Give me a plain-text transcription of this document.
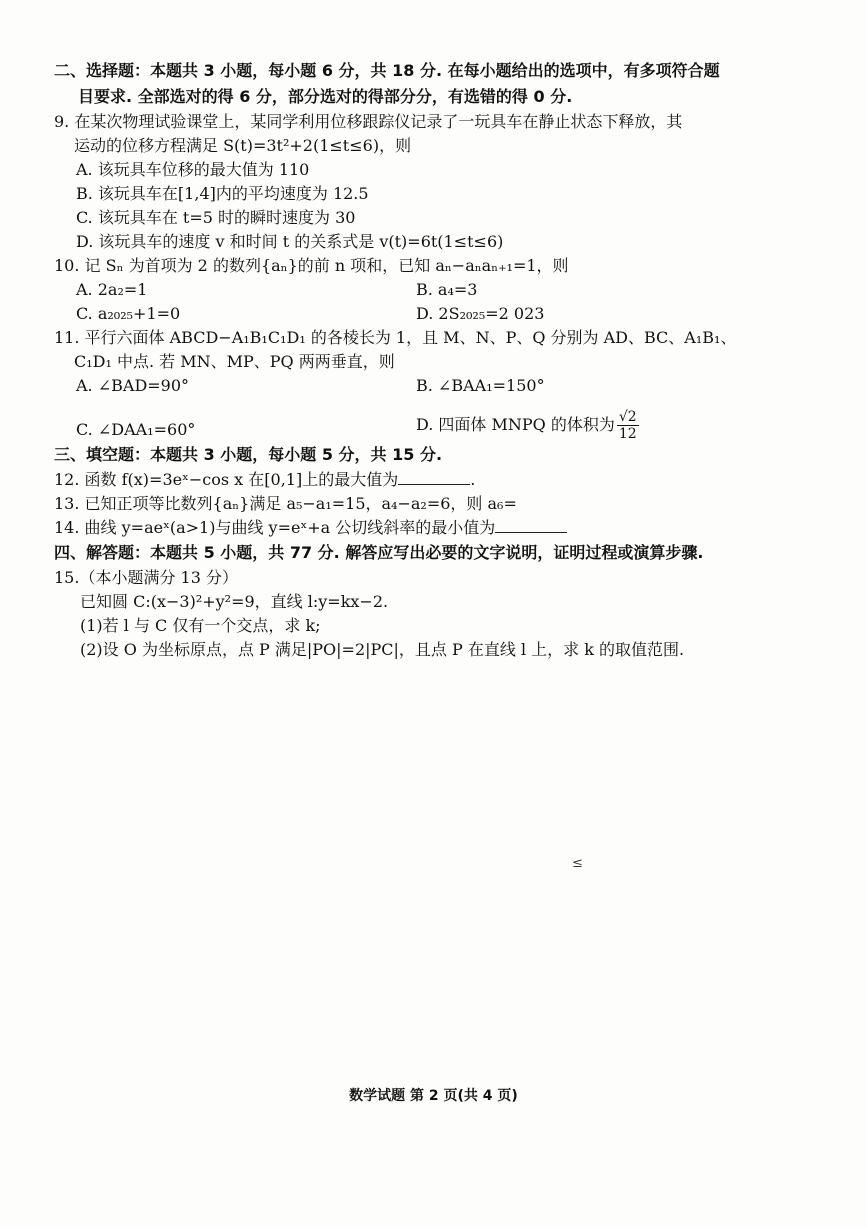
二、选择题：本题共 3 小题，每小题 6 分，共 18 分. 在每小题给出的选项中，有多项符合题
目要求. 全部选对的得 6 分，部分选对的得部分分，有选错的得 0 分.
9. 在某次物理试验课堂上，某同学利用位移跟踪仪记录了一玩具车在静止状态下释放，其
运动的位移方程满足 S(t)=3t²+2(1≤t≤6)，则
A. 该玩具车位移的最大值为 110
B. 该玩具车在[1,4]内的平均速度为 12.5
C. 该玩具车在 t=5 时的瞬时速度为 30
D. 该玩具车的速度 v 和时间 t 的关系式是 v(t)=6t(1≤t≤6)
10. 记 Sₙ 为首项为 2 的数列{aₙ}的前 n 项和，已知 aₙ−aₙaₙ₊₁=1，则
A. 2a₂=1	B. a₄=3
C. a₂₀₂₅+1=0	D. 2S₂₀₂₅=2 023
11. 平行六面体 ABCD−A₁B₁C₁D₁ 的各棱长为 1，且 M、N、P、Q 分别为 AD、BC、A₁B₁、
C₁D₁ 中点. 若 MN、MP、PQ 两两垂直，则
A. ∠BAD=90°	B. ∠BAA₁=150°
C. ∠DAA₁=60°	D. 四面体 MNPQ 的体积为 $\frac{√2}{12}$
三、填空题：本题共 3 小题，每小题 5 分，共 15 分.
12. 函数 f(x)=3eˣ−cos x 在[0,1]上的最大值为	.
13. 已知正项等比数列{aₙ}满足 a₅−a₁=15，a₄−a₂=6，则 a₆=
14. 曲线 y=aeˣ(a>1)与曲线 y=eˣ+a 公切线斜率的最小值为
四、解答题：本题共 5 小题，共 77 分. 解答应写出必要的文字说明，证明过程或演算步骤.
15.（本小题满分 13 分）
已知圆 C:(x−3)²+y²=9，直线 l:y=kx−2.
(1)若 l 与 C 仅有一个交点，求 k;
(2)设 O 为坐标原点，点 P 满足|PO|=2|PC|，且点 P 在直线 l 上，求 k 的取值范围.
≤
数学试题 第 2 页(共 4 页)
